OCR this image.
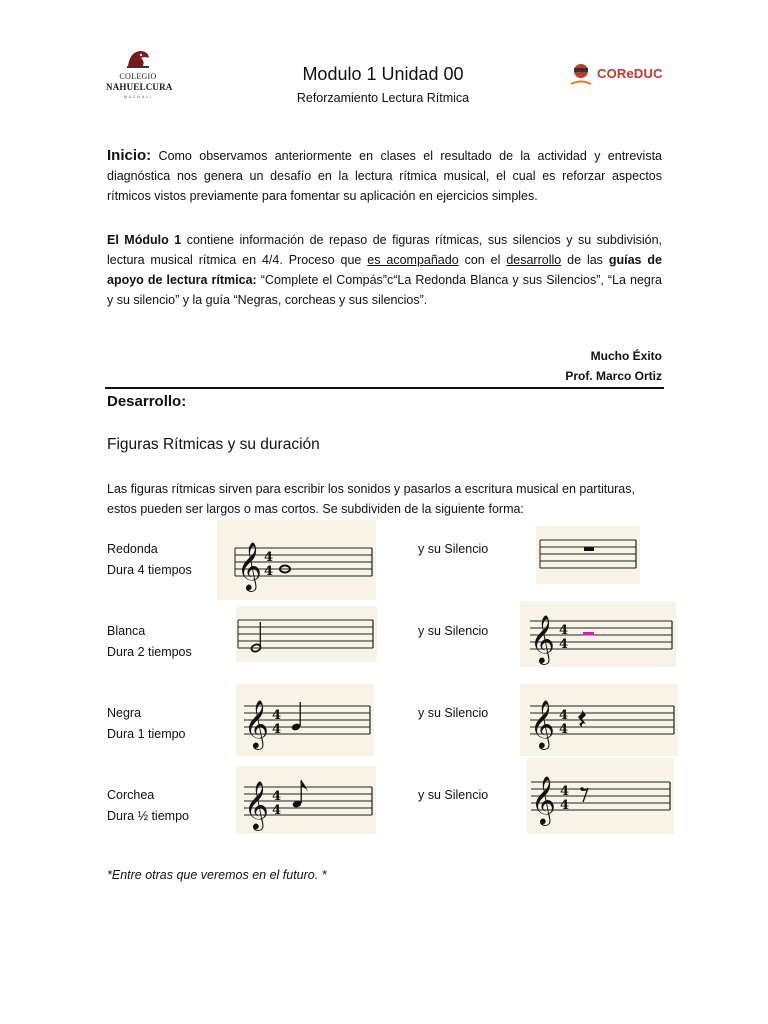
COLEGIO
NAHUELCURA
MACHALI
Modulo 1 Unidad 00
Reforzamiento Lectura Rítmica
COReDUC
Inicio: Como observamos anteriormente en clases el resultado de la actividad y entrevista diagnóstica nos genera un desafío en la lectura rítmica musical, el cual es reforzar aspectos rítmicos vistos previamente para fomentar su aplicación en ejercicios simples.
El Módulo 1 contiene información de repaso de figuras rítmicas, sus silencios y su subdivisión, lectura musical rítmica en 4/4. Proceso que es acompañado con el desarrollo de las guías de apoyo de lectura rítmica: “Complete el Compás”c“La Redonda Blanca y sus Silencios”, “La negra y su silencio” y la guía “Negras, corcheas y sus silencios”.
Mucho Éxito
Prof. Marco Ortiz
Desarrollo:
Figuras Rítmicas y su duración
Las figuras rítmicas sirven para escribir los sonidos y pasarlos a escritura musical en partituras, estos pueden ser largos o mas cortos. Se subdividen de la siguiente forma:
Redonda
Dura 4 tiempos
y su Silencio
Blanca
Dura 2 tiempos
y su Silencio
Negra
Dura 1 tiempo
y su Silencio
Corchea
Dura ½ tiempo
y su Silencio
𝄞 4
4
𝄞 4
4
𝄞 4
4	𝄞 4
4
𝄞 4
4	𝄞 4
4
*Entre otras que veremos en el futuro. *
